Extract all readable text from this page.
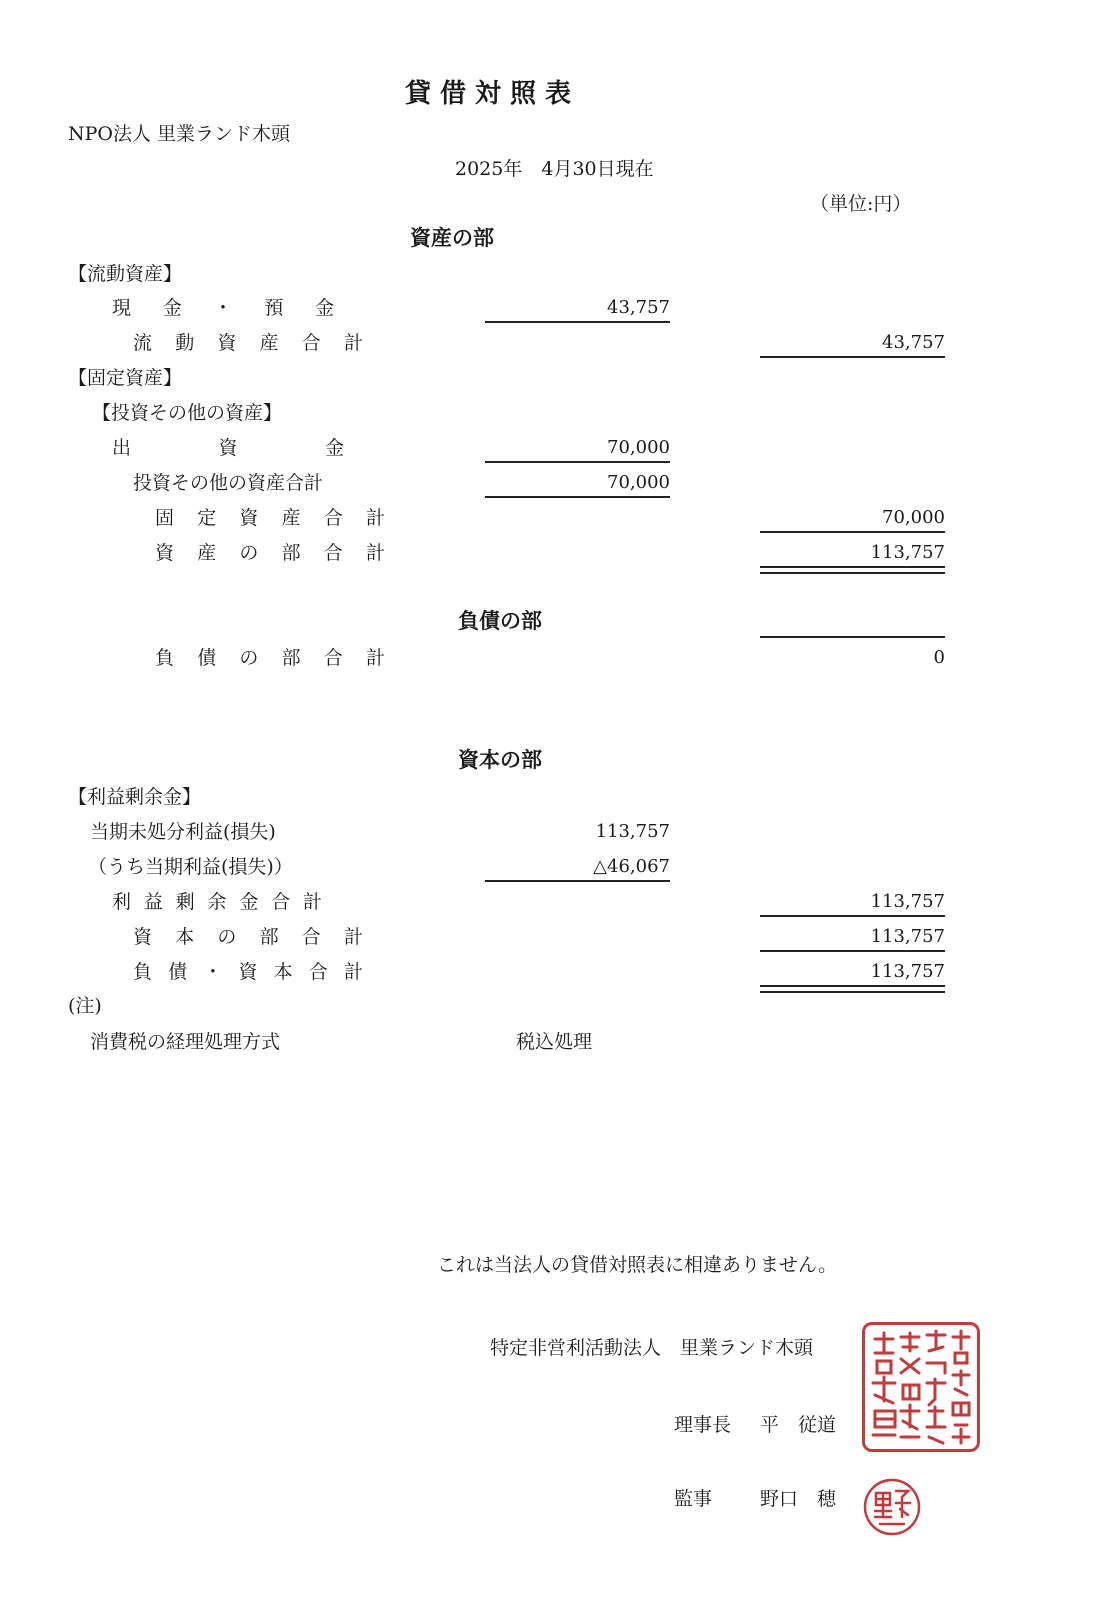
貸借対照表
NPO法人 里業ランド木頭
2025年　4月30日現在
（単位:円）
資産の部
【流動資産】
現 金 ・ 預 金	43,757
流 動 資 産 合 計	43,757
【固定資産】
【投資その他の資産】
出	資	金	70,000
投資その他の資産合計	70,000
固 定 資 産 合 計	70,000
資 産 の 部 合 計	113,757
負債の部
負 債 の 部 合 計	0
資本の部
【利益剰余金】
当期未処分利益(損失)	113,757
（うち当期利益(損失)）	△46,067
利 益 剰 余 金 合 計	113,757
資 本 の 部 合 計	113,757
負 債 ・ 資 本 合 計	113,757
(注)
消費税の経理処理方式	税込処理
これは当法人の貸借対照表に相違ありません。
特定非営利活動法人　里業ランド木頭
理事長 平　従道
監事	野口　穂
